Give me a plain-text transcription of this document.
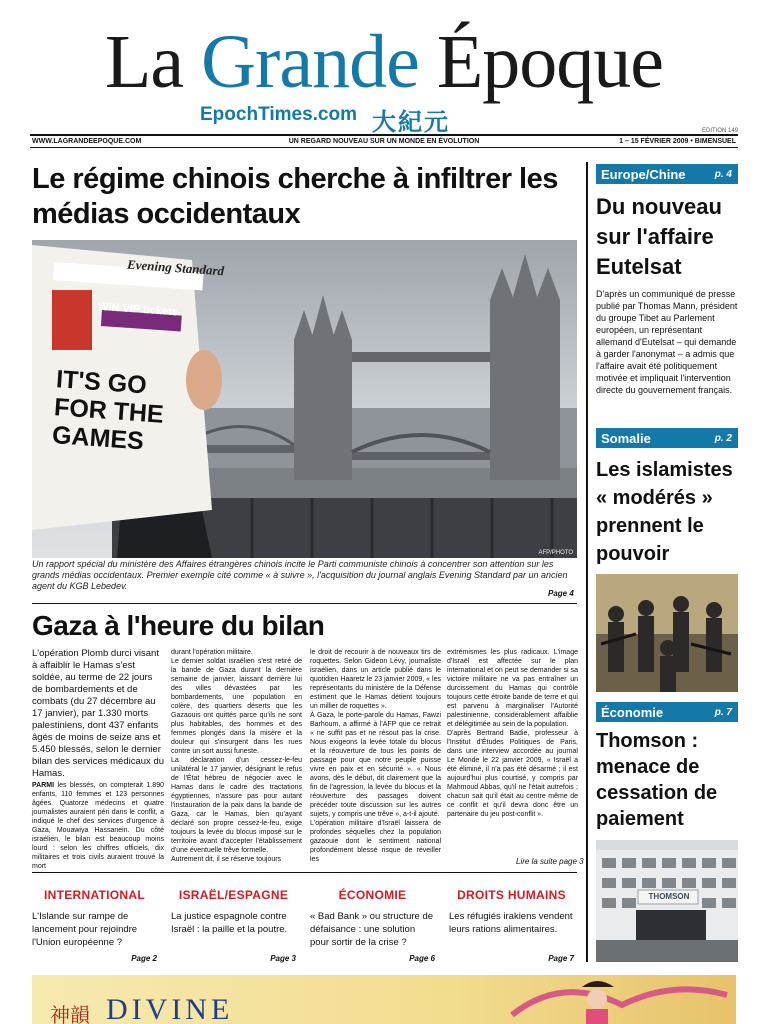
La Grande Époque
EpochTimes.com 大紀元	EDITION 149
WWW.LAGRANDEEPOQUE.COM	UN REGARD NOUVEAU SUR UN MONDE EN ÉVOLUTION	1 – 15 FÉVRIER 2009 • BIMENSUEL
Le régime chinois cherche à infiltrer les médias occidentaux
Evening Standard
WIN VIP tickets
IT'S GO FOR THE GAMES
AFP/PHOTO
Un rapport spécial du ministère des Affaires étrangères chinois incite le Parti communiste chinois à concentrer son attention sur les grands médias occidentaux. Premier exemple cité comme « à suivre », l'acquisition du journal anglais Evening Standard par un ancien agent du KGB Lebedev.
Page 4
Gaza à l'heure du bilan
L'opération Plomb durci visant à affaiblir le Hamas s'est soldée, au terme de 22 jours de bombardements et de combats (du 27 décembre au 17 janvier), par 1.330 morts palestiniens, dont 437 enfants âgés de moins de seize ans et 5.450 blessés, selon le dernier bilan des services médicaux du Hamas.
PARMI les blessés, on compterait 1.890 enfants, 110 femmes et 123 personnes âgées. Quatorze médecins et quatre journalistes auraient péri dans le conflit, a indiqué le chef des services d'urgence à Gaza, Mouawiya Hassanein. Du côté israélien, le bilan est beaucoup moins lourd : selon les chiffres officiels, dix militaires et trois civils auraient trouvé la mort
durant l'opération militaire.
Le dernier soldat israélien s'est retiré de la bande de Gaza durant la dernière semaine de janvier, laissant derrière lui des villes dévastées par les bombardements, une population en colère, des quartiers déserts que les Gazaouis ont quittés parce qu'ils ne sont plus habitables, des hommes et des femmes plongés dans la misère et la douleur qui s'insurgent dans les rues contre un sort aussi funeste.
La déclaration d'un cessez-le-feu unilatéral le 17 janvier, désignant le refus de l'État hébreu de négocier avec le Hamas dans le cadre des tractations égyptiennes, n'assure pas pour autant l'instauration de la paix dans la bande de Gaza, car le Hamas, bien qu'ayant déclaré son propre cessez-le-feu, exige toujours la levée du blocus imposé sur le territoire avant d'accepter l'établissement d'une éventuelle trêve formelle.
Autrement dit, il se réserve toujours
le droit de recourir à de nouveaux tirs de roquettes. Selon Gideon Lévy, journaliste israélien, dans un article publié dans le quotidien Haaretz le 23 janvier 2009, « les représentants du ministère de la Défense estiment que le Hamas détient toujours un millier de roquettes ».
À Gaza, le porte-parole du Hamas, Fawzi Barhoum, a affirmé à l'AFP que ce retrait « ne suffit pas et ne résout pas la crise. Nous exigeons la levée totale du blocus et la réouverture de tous les points de passage pour que notre peuple puisse vivre en paix et en sécurité ». « Nous avons, dès le début, dit clairement que la fin de l'agression, la levée du blocus et la réouverture des passages doivent précéder toute discussion sur les autres sujets, y compris une trêve », a-t-il ajouté.
L'opération militaire d'Israël laissera de profondes séquelles chez la population gazaouie dont le sentiment national profondément blessé risque de réveiller les
extrémismes les plus radicaux. L'image d'Israël est affectée sur le plan international et on peut se demander si sa victoire militaire ne va pas entraîner un durcissement du Hamas qui contrôle toujours cette étroite bande de terre et qui est parvenu à marginaliser l'Autorité palestinienne, considérablement affaiblie et délégitimée au sein de la population.
D'après Bertrand Badie, professeur à l'Institut d'Études Politiques de Paris, dans une interview accordée au journal Le Monde le 22 janvier 2009, « Israël a été éliminé, il n'a pas été désarmé ; il est aujourd'hui plus courtisé, y compris par Mahmoud Abbas, qu'il ne l'était autrefois ; chacun sait qu'il était au centre même de ce conflit et qu'il devra donc être un partenaire du jeu post-conflit ».
Lire la suite page 3
INTERNATIONAL
L'Islande sur rampe de lancement pour rejoindre l'Union européenne ?
Page 2
ISRAËL/ESPAGNE
La justice espagnole contre Israël : la paille et la poutre.
Page 3
ÉCONOMIE
« Bad Bank » ou structure de défaisance : une solution pour sortir de la crise ?
Page 6
DROITS HUMAINS
Les réfugiés irakiens vendent leurs rations alimentaires.
Page 7
Europe/Chine	p. 4
Du nouveau sur l'affaire Eutelsat
D'après un communiqué de presse publié par Thomas Mann, président du groupe Tibet au Parlement européen, un représentant allemand d'Eutelsat – qui demande à garder l'anonymat – a admis que l'affaire avait été politiquement motivée et impliquait l'intervention directe du gouvernement français.
Somalie	p. 2
Les islamistes « modérés » prennent le pouvoir
Économie	p. 7
Thomson : menace de cessation de paiement
THOMSON
神韻 DIVINE
